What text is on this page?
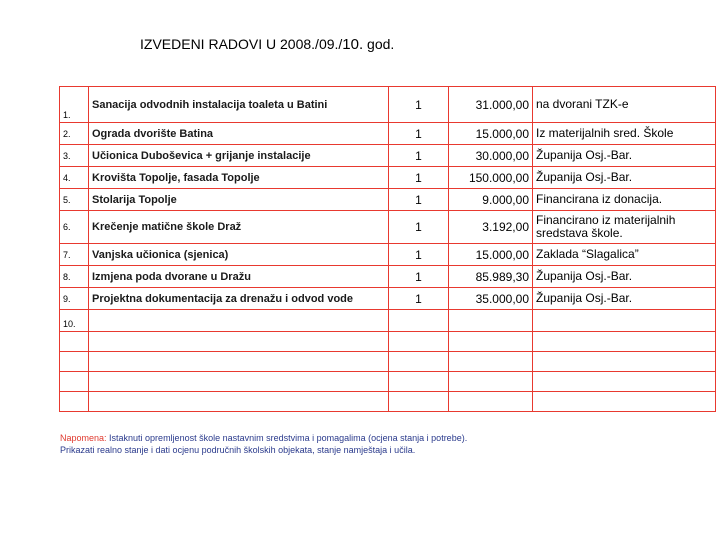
IZVEDENI RADOVI U 2008./09./10. god.
1.	Sanacija odvodnih instalacija toaleta u Batini	1	31.000,00	na dvorani TZK-e
2.	Ograda dvorište Batina	1	15.000,00	Iz materijalnih sred. Škole
3.	Učionica Duboševica + grijanje instalacije	1	30.000,00	Županija Osj.-Bar.
4.	Krovišta Topolje, fasada Topolje	1	150.000,00	Županija Osj.-Bar.
5.	Stolarija Topolje	1	9.000,00	Financirana iz donacija.
6.	Krečenje matične škole Draž	1	3.192,00	Financirano iz materijalnih sredstava škole.
7.	Vanjska učionica (sjenica)	1	15.000,00	Zaklada “Slagalica”
8.	Izmjena poda dvorane u Dražu	1	85.989,30	Županija Osj.-Bar.
9.	Projektna dokumentacija za drenažu i odvod vode	1	35.000,00	Županija Osj.-Bar.
10.				

Napomena: Istaknuti opremljenost škole nastavnim sredstvima i pomagalima (ocjena stanja i potrebe).
Prikazati realno stanje i dati ocjenu područnih školskih objekata, stanje namještaja i učila.
